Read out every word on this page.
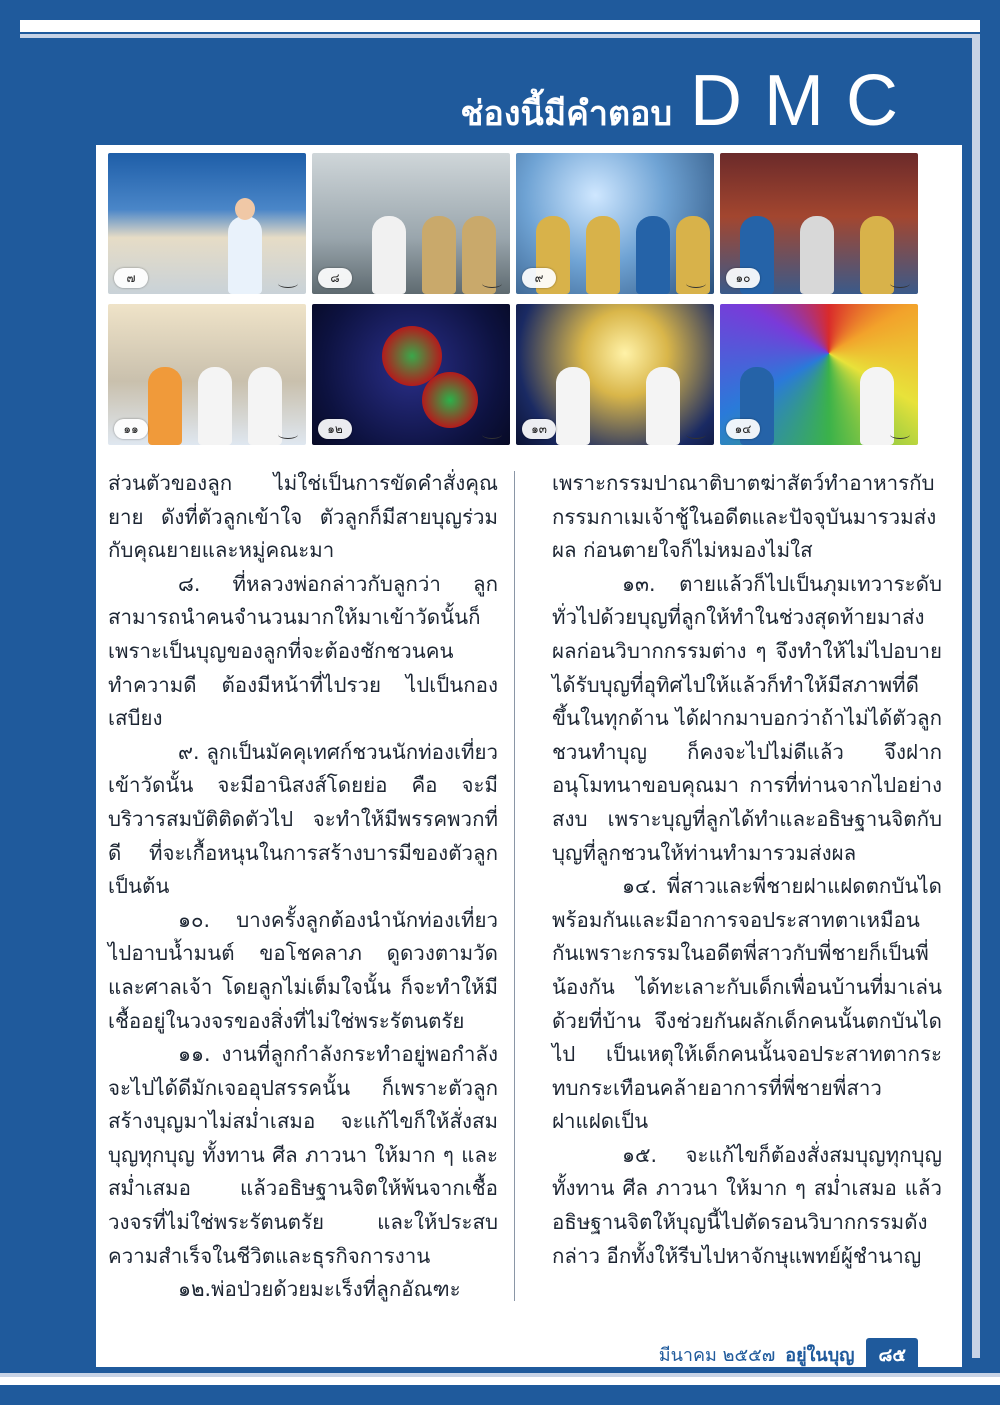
ช่องนี้มีคำตอบ DMC
๗	๘	๙	๑๐
๑๑	๑๒	๑๓	๑๔

ส่วนตัวของลูก ไม่ใช่เป็นการขัดคำสั่งคุณยาย ดังที่ตัวลูกเข้าใจ ตัวลูกก็มีสายบุญร่วมกับคุณยายและหมู่คณะมา

๘. ที่หลวงพ่อกล่าวกับลูกว่า ลูกสามารถนำคนจำนวนมากให้มาเข้าวัดนั้นก็เพราะเป็นบุญของลูกที่จะต้องชักชวนคนทำความดี ต้องมีหน้าที่ไปรวย ไปเป็นกองเสบียง

๙. ลูกเป็นมัคคุเทศก์ชวนนักท่องเที่ยวเข้าวัดนั้น จะมีอานิสงส์โดยย่อ คือ จะมีบริวารสมบัติติดตัวไป จะทำให้มีพรรคพวกที่ดี ที่จะเกื้อหนุนในการสร้างบารมีของตัวลูก เป็นต้น

๑๐. บางครั้งลูกต้องนำนักท่องเที่ยวไปอาบน้ำมนต์ ขอโชคลาภ ดูดวงตามวัดและศาลเจ้า โดยลูกไม่เต็มใจนั้น ก็จะทำให้มีเชื้ออยู่ในวงจรของสิ่งที่ไม่ใช่พระรัตนตรัย

๑๑. งานที่ลูกกำลังกระทำอยู่พอกำลังจะไปได้ดีมักเจออุปสรรคนั้น ก็เพราะตัวลูกสร้างบุญมาไม่สม่ำเสมอ จะแก้ไขก็ให้สั่งสมบุญทุกบุญ ทั้งทาน ศีล ภาวนา ให้มาก ๆ และสม่ำเสมอ แล้วอธิษฐานจิตให้พ้นจากเชื้อวงจรที่ไม่ใช่พระรัตนตรัย และให้ประสบความสำเร็จในชีวิตและธุรกิจการงาน

๑๒.พ่อป่วยด้วยมะเร็งที่ลูกอัณฑะ

เพราะกรรมปาณาติบาตฆ่าสัตว์ทำอาหารกับกรรมกาเมเจ้าชู้ในอดีตและปัจจุบันมารวมส่งผล ก่อนตายใจก็ไม่หมองไม่ใส

๑๓. ตายแล้วก็ไปเป็นภุมเทวาระดับทั่วไปด้วยบุญที่ลูกให้ทำในช่วงสุดท้ายมาส่งผลก่อนวิบากกรรมต่าง ๆ จึงทำให้ไม่ไปอบาย ได้รับบุญที่อุทิศไปให้แล้วก็ทำให้มีสภาพที่ดีขึ้นในทุกด้าน ได้ฝากมาบอกว่าถ้าไม่ได้ตัวลูกชวนทำบุญ ก็คงจะไปไม่ดีแล้ว จึงฝากอนุโมทนาขอบคุณมา การที่ท่านจากไปอย่างสงบ เพราะบุญที่ลูกได้ทำและอธิษฐานจิตกับบุญที่ลูกชวนให้ท่านทำมารวมส่งผล

๑๔. พี่สาวและพี่ชายฝาแฝดตกบันไดพร้อมกันและมีอาการจอประสาทตาเหมือนกันเพราะกรรมในอดีตพี่สาวกับพี่ชายก็เป็นพี่น้องกัน ได้ทะเลาะกับเด็กเพื่อนบ้านที่มาเล่นด้วยที่บ้าน จึงช่วยกันผลักเด็กคนนั้นตกบันไดไป เป็นเหตุให้เด็กคนนั้นจอประสาทตากระทบกระเทือนคล้ายอาการที่พี่ชายพี่สาวฝาแฝดเป็น

๑๕. จะแก้ไขก็ต้องสั่งสมบุญทุกบุญทั้งทาน ศีล ภาวนา ให้มาก ๆ สม่ำเสมอ แล้วอธิษฐานจิตให้บุญนี้ไปตัดรอนวิบากกรรมดังกล่าว อีกทั้งให้รีบไปหาจักษุแพทย์ผู้ชำนาญ

มีนาคม ๒๕๕๗ อยู่ในบุญ	๘๕
